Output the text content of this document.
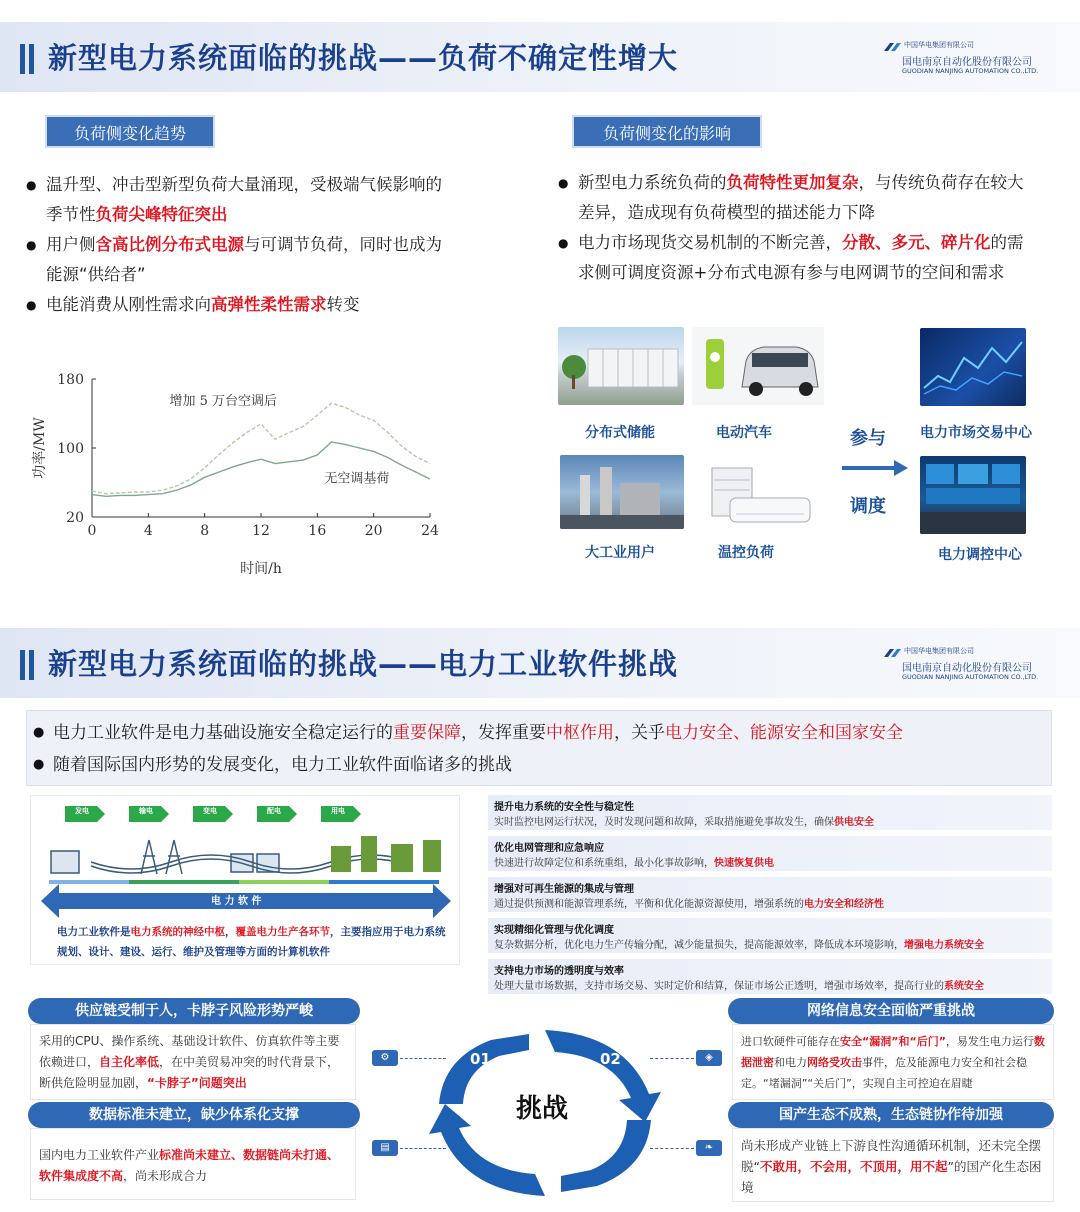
新型电力系统面临的挑战——负荷不确定性增大	中国华电集团有限公司
国电南京自动化股份有限公司
GUODIAN NANJING AUTOMATION CO.,LTD.
负荷侧变化趋势	负荷侧变化的影响
● 温升型、冲击型新型负荷大量涌现，受极端气候影响的季节性负荷尖峰特征突出
● 用户侧含高比例分布式电源与可调节负荷，同时也成为能源“供给者”
● 电能消费从刚性需求向高弹性柔性需求转变
● 新型电力系统负荷的负荷特性更加复杂，与传统负荷存在较大差异，造成现有负荷模型的描述能力下降
● 电力市场现货交易机制的不断完善，分散、多元、碎片化的需求侧可调度资源+分布式电源有参与电网调节的空间和需求
0	4	8	12	16	20	24
180
100
20
时间/h
功率/MW
增加 5 万台空调后
无空调基荷
分布式储能	电动汽车
大工业用户	温控负荷
参与
调度
电力市场交易中心
电力调控中心
新型电力系统面临的挑战——电力工业软件挑战	中国华电集团有限公司
国电南京自动化股份有限公司
GUODIAN NANJING AUTOMATION CO.,LTD.
● 电力工业软件是电力基础设施安全稳定运行的重要保障，发挥重要中枢作用，关乎电力安全、能源安全和国家安全
● 随着国际国内形势的发展变化，电力工业软件面临诸多的挑战
发电	输电	变电	配电	用电
电 力 软 件
电力工业软件是电力系统的神经中枢，覆盖电力生产各环节，主要指应用于电力系统规划、设计、建设、运行、维护及管理等方面的计算机软件
提升电力系统的安全性与稳定性
实时监控电网运行状况，及时发现问题和故障，采取措施避免事故发生，确保供电安全
优化电网管理和应急响应
快速进行故障定位和系统重组，最小化事故影响，快速恢复供电
增强对可再生能源的集成与管理
通过提供预测和能源管理系统，平衡和优化能源资源使用，增强系统的电力安全和经济性
实现精细化管理与优化调度
复杂数据分析，优化电力生产传输分配，减少能量损失，提高能源效率，降低成本环境影响，增强电力系统安全
支持电力市场的透明度与效率
处理大量市场数据，支持市场交易、实时定价和结算，保证市场公正透明，增强市场效率，提高行业的系统安全
供应链受制于人，卡脖子风险形势严峻
采用的CPU、操作系统、基础设计软件、仿真软件等主要依赖进口，自主化率低，在中美贸易冲突的时代背景下，断供危险明显加剧，“卡脖子”问题突出
数据标准未建立，缺少体系化支撑
国内电力工业软件产业标准尚未建立、数据链尚未打通、软件集成度不高，尚未形成合力
网络信息安全面临严重挑战
进口软硬件可能存在安全“漏洞”和“后门”，易发生电力运行数据泄密和电力网络受攻击事件，危及能源电力安全和社会稳定。“堵漏洞”“关后门”，实现自主可控迫在眉睫
国产生态不成熟，生态链协作待加强
尚未形成产业链上下游良性沟通循环机制，还未完全摆脱“不敢用，不会用，不顶用，用不起”的国产化生态困境
⚙
▤
◈
❧
01	02
03
04
挑战
